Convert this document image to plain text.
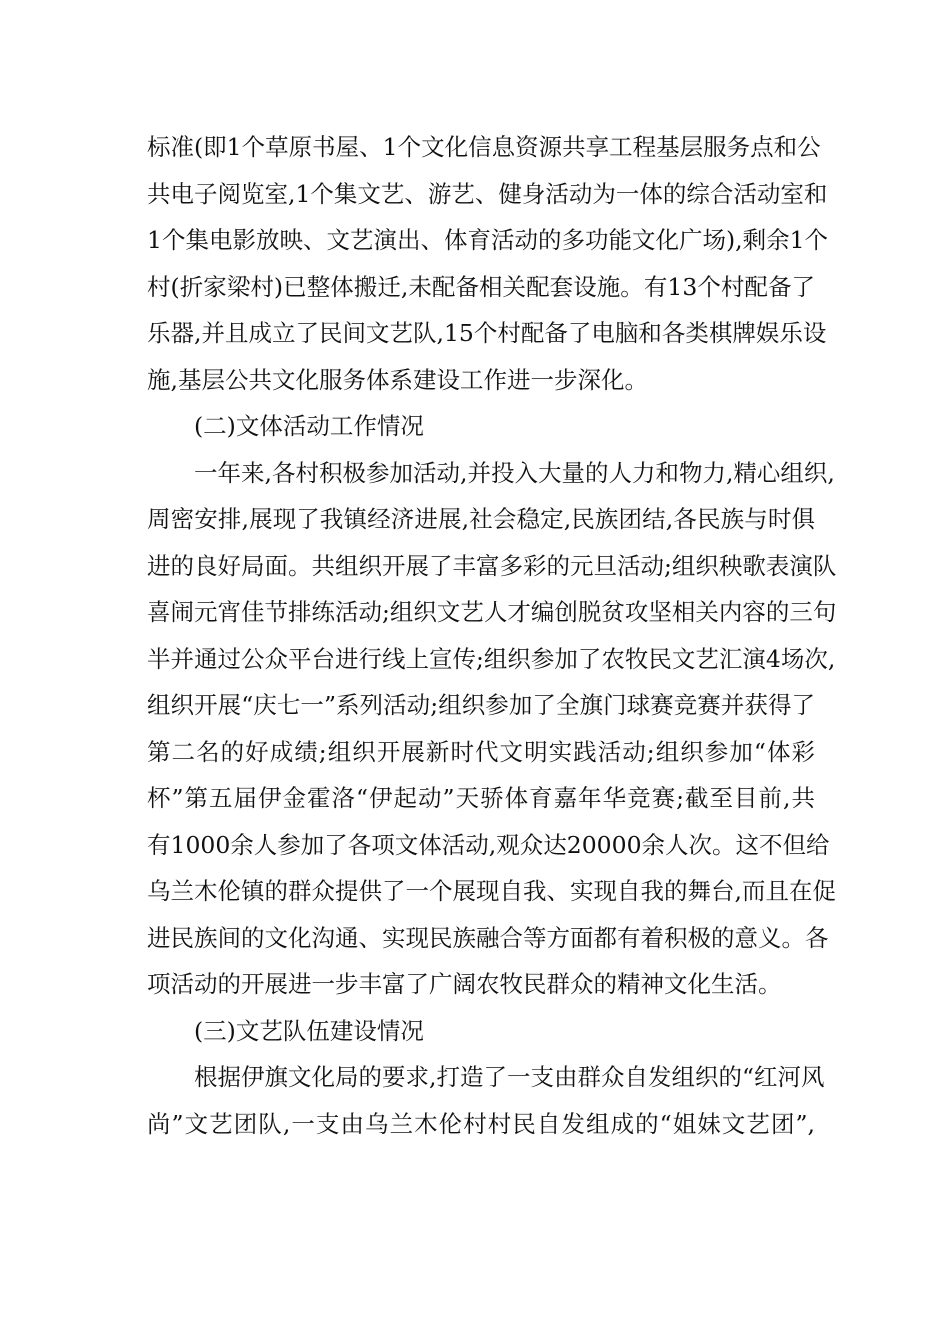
标准(即1个草原书屋、1个文化信息资源共享工程基层服务点和公
共电子阅览室,1个集文艺、游艺、健身活动为一体的综合活动室和
1个集电影放映、文艺演出、体育活动的多功能文化广场),剩余1个
村(折家梁村)已整体搬迁,未配备相关配套设施。有13个村配备了
乐器,并且成立了民间文艺队,15个村配备了电脑和各类棋牌娱乐设
施,基层公共文化服务体系建设工作进一步深化。
(二)文体活动工作情况
一年来,各村积极参加活动,并投入大量的人力和物力,精心组织,
周密安排,展现了我镇经济进展,社会稳定,民族团结,各民族与时俱
进的良好局面。共组织开展了丰富多彩的元旦活动;组织秧歌表演队
喜闹元宵佳节排练活动;组织文艺人才编创脱贫攻坚相关内容的三句
半并通过公众平台进行线上宣传;组织参加了农牧民文艺汇演4场次,
组织开展“庆七一”系列活动;组织参加了全旗门球赛竞赛并获得了
第二名的好成绩;组织开展新时代文明实践活动;组织参加“体彩
杯”第五届伊金霍洛“伊起动”天骄体育嘉年华竞赛;截至目前,共
有1000余人参加了各项文体活动,观众达20000余人次。这不但给
乌兰木伦镇的群众提供了一个展现自我、实现自我的舞台,而且在促
进民族间的文化沟通、实现民族融合等方面都有着积极的意义。各
项活动的开展进一步丰富了广阔农牧民群众的精神文化生活。
(三)文艺队伍建设情况
根据伊旗文化局的要求,打造了一支由群众自发组织的“红河风
尚”文艺团队,一支由乌兰木伦村村民自发组成的“姐妹文艺团”,
